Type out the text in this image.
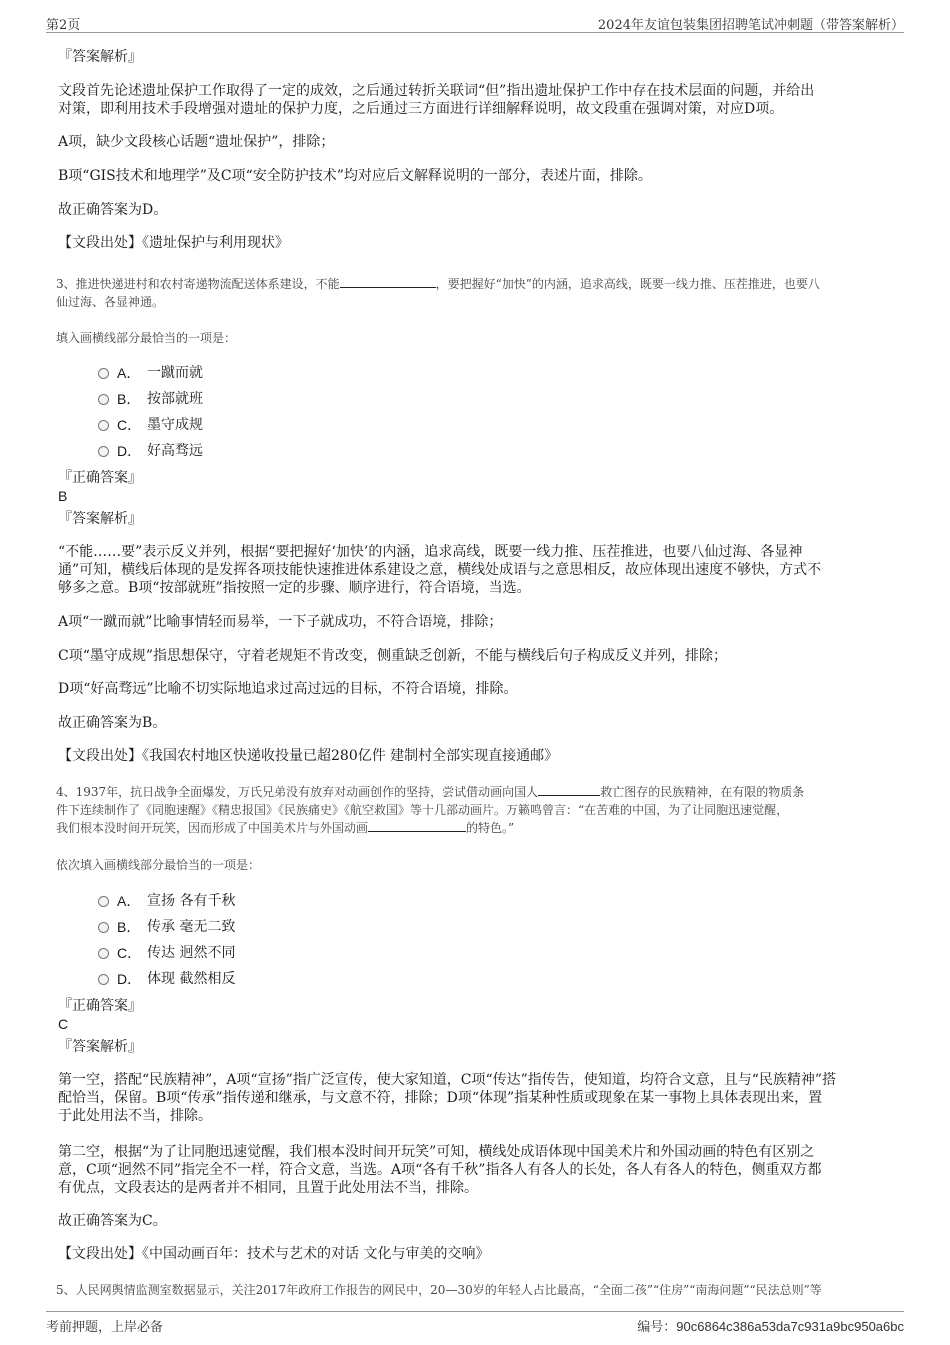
第2页	2024年友谊包装集团招聘笔试冲刺题（带答案解析）
『答案解析』
文段首先论述遗址保护工作取得了一定的成效，之后通过转折关联词“但”指出遗址保护工作中存在技术层面的问题，并给出
对策，即利用技术手段增强对遗址的保护力度，之后通过三方面进行详细解释说明，故文段重在强调对策，对应D项。
A项，缺少文段核心话题“遗址保护”，排除；
B项“GIS技术和地理学”及C项“安全防护技术”均对应后文解释说明的一部分，表述片面，排除。
故正确答案为D。
【文段出处】《遗址保护与利用现状》
3、推进快递进村和农村寄递物流配送体系建设，不能	，要把握好“加快”的内涵，追求高线，既要一线力推、压茬推进，也要八
仙过海、各显神通。
填入画横线部分最恰当的一项是：
A． 一蹴而就
B． 按部就班
C． 墨守成规
D． 好高骛远
『正确答案』
B
『答案解析』
“不能……要”表示反义并列，根据“要把握好‘加快’的内涵，追求高线，既要一线力推、压茬推进，也要八仙过海、各显神
通”可知，横线后体现的是发挥各项技能快速推进体系建设之意，横线处成语与之意思相反，故应体现出速度不够快，方式不
够多之意。B项“按部就班”指按照一定的步骤、顺序进行，符合语境，当选。
A项“一蹴而就”比喻事情轻而易举，一下子就成功，不符合语境，排除；
C项“墨守成规”指思想保守，守着老规矩不肯改变，侧重缺乏创新，不能与横线后句子构成反义并列，排除；
D项“好高骛远”比喻不切实际地追求过高过远的目标，不符合语境，排除。
故正确答案为B。
【文段出处】《我国农村地区快递收投量已超280亿件 建制村全部实现直接通邮》
4、1937年，抗日战争全面爆发，万氏兄弟没有放弃对动画创作的坚持，尝试借动画向国人	救亡图存的民族精神，在有限的物质条
件下连续制作了《同胞速醒》《精忠报国》《民族痛史》《航空救国》等十几部动画片。万籁鸣曾言：“在苦难的中国，为了让同胞迅速觉醒，
我们根本没时间开玩笑，因而形成了中国美术片与外国动画	的特色。”
依次填入画横线部分最恰当的一项是：
A． 宣扬 各有千秋
B． 传承 毫无二致
C． 传达 迥然不同
D． 体现 截然相反
『正确答案』
C
『答案解析』
第一空，搭配“民族精神”，A项“宣扬”指广泛宣传，使大家知道，C项“传达”指传告，使知道，均符合文意，且与“民族精神”搭
配恰当，保留。B项“传承”指传递和继承，与文意不符，排除；D项“体现”指某种性质或现象在某一事物上具体表现出来，置
于此处用法不当，排除。
第二空，根据“为了让同胞迅速觉醒，我们根本没时间开玩笑”可知，横线处成语体现中国美术片和外国动画的特色有区别之
意，C项“迥然不同”指完全不一样，符合文意，当选。A项“各有千秋”指各人有各人的长处，各人有各人的特色，侧重双方都
有优点，文段表达的是两者并不相同，且置于此处用法不当，排除。
故正确答案为C。
【文段出处】《中国动画百年：技术与艺术的对话 文化与审美的交响》
5、人民网舆情监测室数据显示，关注2017年政府工作报告的网民中，20—30岁的年轻人占比最高，“全面二孩”“住房”“南海问题”“民法总则”等
考前押题，上岸必备	编号：90c6864c386a53da7c931a9bc950a6bc
